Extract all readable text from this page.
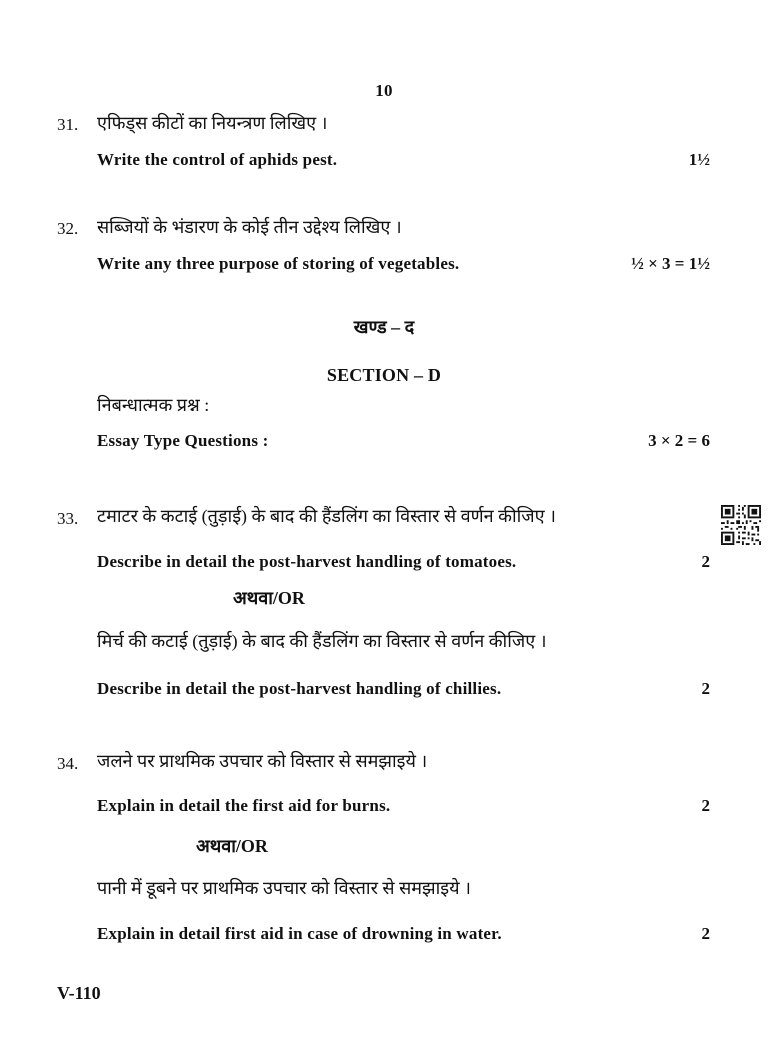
10
31. एफिड्स कीटों का नियन्त्रण लिखिए ।
Write the control of aphids pest.	1½
32. सब्जियों के भंडारण के कोई तीन उद्देश्य लिखिए ।
Write any three purpose of storing of vegetables.	½ × 3 = 1½
खण्ड – द
SECTION – D
निबन्धात्मक प्रश्न :
Essay Type Questions :	3 × 2 = 6
33. टमाटर के कटाई (तुड़ाई) के बाद की हैंडलिंग का विस्तार से वर्णन कीजिए ।
Describe in detail the post-harvest handling of tomatoes.	2
अथवा/OR
मिर्च की कटाई (तुड़ाई) के बाद की हैंडलिंग का विस्तार से वर्णन कीजिए ।
Describe in detail the post-harvest handling of chillies.	2
34. जलने पर प्राथमिक उपचार को विस्तार से समझाइये ।
Explain in detail the first aid for burns.	2
अथवा/OR
पानी में डूबने पर प्राथमिक उपचार को विस्तार से समझाइये ।
Explain in detail first aid in case of drowning in water.	2
V-110
